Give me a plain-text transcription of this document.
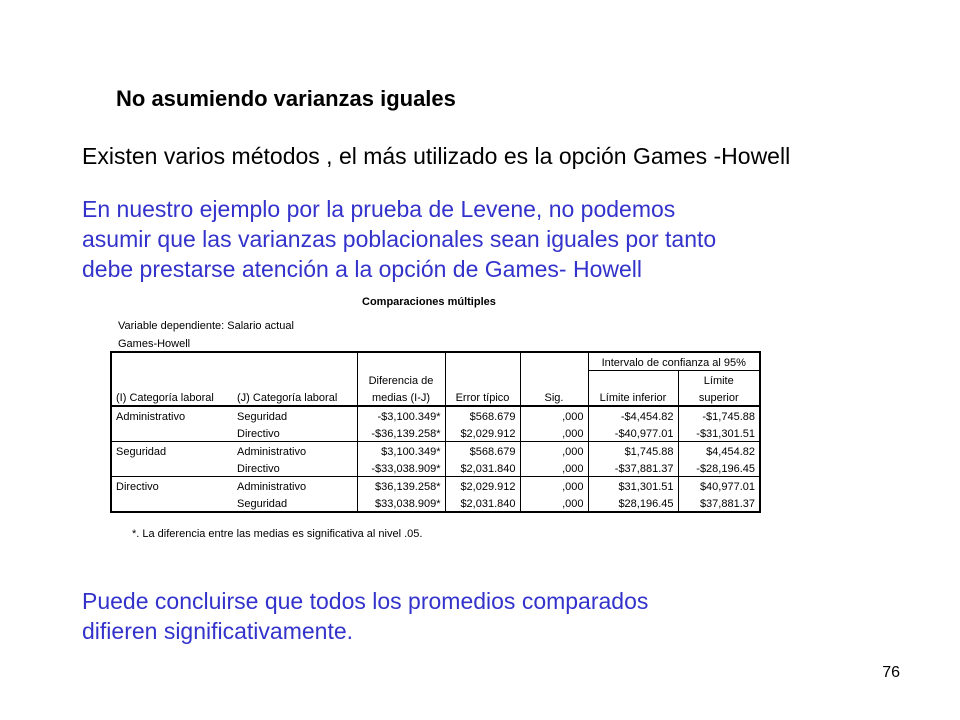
No asumiendo varianzas iguales
Existen varios métodos , el más utilizado es la opción Games -Howell
En nuestro ejemplo por la prueba de Levene, no podemos
asumir que las varianzas poblacionales sean iguales por tanto
debe prestarse atención a la opción de Games- Howell
Comparaciones múltiples
Variable dependiente: Salario actual
Games-Howell
					Intervalo de confianza al 95%	
		Diferencia de				Límite
(I) Categoría laboral	(J) Categoría laboral	medias (I-J)	Error típico	Sig.	Límite inferior	superior
Administrativo	Seguridad	-$3,100.349*	$568.679	,000	-$4,454.82	-$1,745.88
	Directivo	-$36,139.258*	$2,029.912	,000	-$40,977.01	-$31,301.51
Seguridad	Administrativo	$3,100.349*	$568.679	,000	$1,745.88	$4,454.82
	Directivo	-$33,038.909*	$2,031.840	,000	-$37,881.37	-$28,196.45
Directivo	Administrativo	$36,139.258*	$2,029.912	,000	$31,301.51	$40,977.01
	Seguridad	$33,038.909*	$2,031.840	,000	$28,196.45	$37,881.37
*. La diferencia entre las medias es significativa al nivel .05.
Puede concluirse que todos los promedios comparados
difieren significativamente.
76
